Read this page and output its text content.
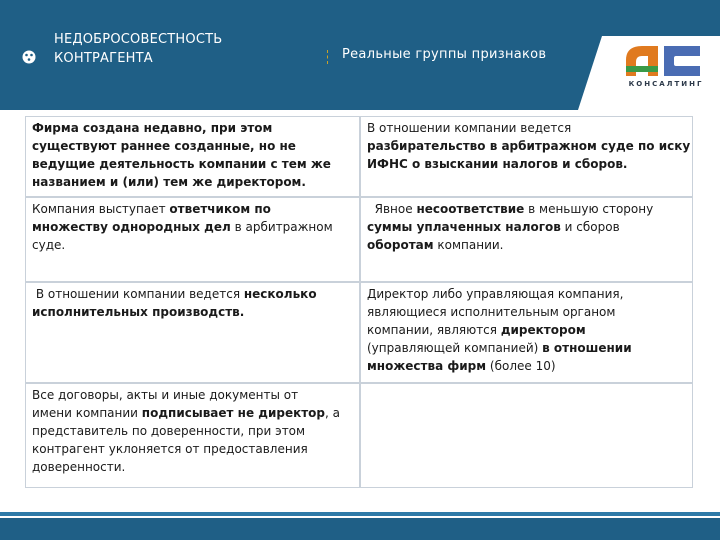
НЕДОБРОСОВЕСТНОСТЬ
КОНТРАГЕНТА	Реальные группы признаков
КОНСАЛТИНГ
Фирма создана недавно, при этом
существуют раннее созданные, но не
ведущие деятельность компании с тем же
названием и (или) тем же директором.
В отношении компании ведется
разбирательство в арбитражном суде по иску
ИФНС о взыскании налогов и сборов.
Компания выступает ответчиком по
множеству однородных дел в арбитражном
суде.
Явное несоответствие в меньшую сторону
суммы уплаченных налогов и сборов
оборотам компании.
В отношении компании ведется несколько
исполнительных производств.
Директор либо управляющая компания,
являющиеся исполнительным органом
компании, являются директором
(управляющей компанией) в отношении
множества фирм (более 10)
Все договоры, акты и иные документы от
имени компании подписывает не директор, а
представитель по доверенности, при этом
контрагент уклоняется от предоставления
доверенности.
